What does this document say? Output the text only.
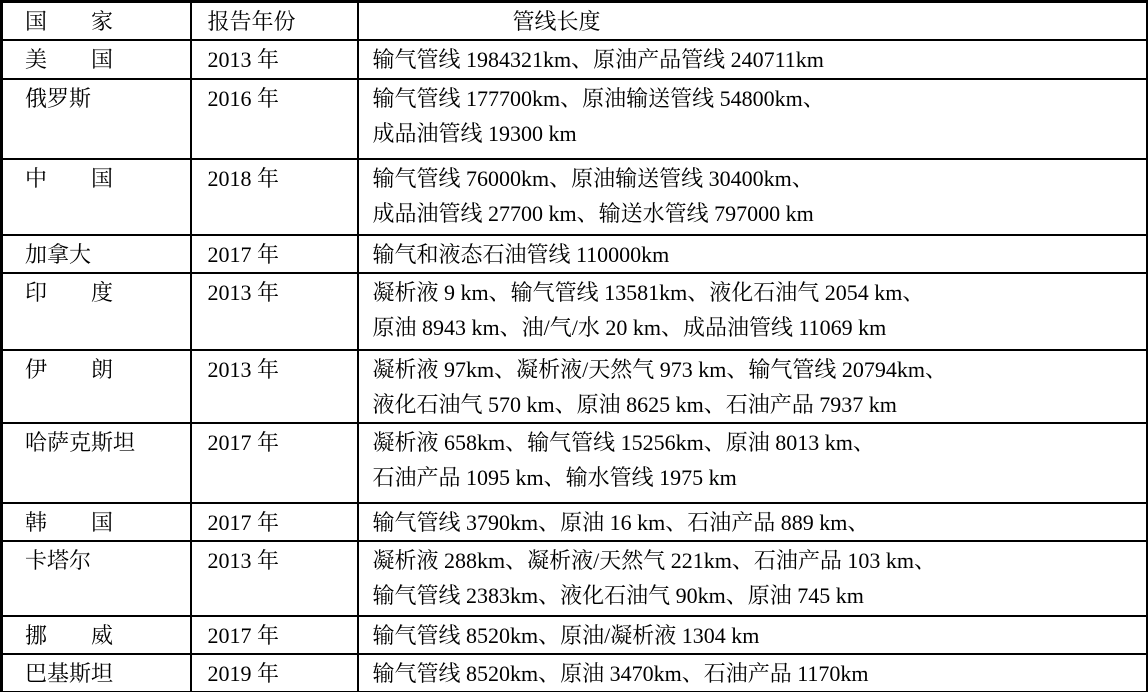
国　　家	报告年份	管线长度
美　　国	2013 年	输气管线 1984321km、原油产品管线 240711km

俄罗斯	2016 年	输气管线 177700km、原油输送管线 54800km、
成品油管线 19300 km

中　　国	2018 年	输气管线 76000km、原油输送管线 30400km、
成品油管线 27700 km、输送水管线 797000 km

加拿大	2017 年	输气和液态石油管线 110000km

印　　度	2013 年	凝析液 9 km、输气管线 13581km、液化石油气 2054 km、
原油 8943 km、油/气/水 20 km、成品油管线 11069 km

伊　　朗	2013 年	凝析液 97km、凝析液/天然气 973 km、输气管线 20794km、
液化石油气 570 km、原油 8625 km、石油产品 7937 km

哈萨克斯坦	2017 年	凝析液 658km、输气管线 15256km、原油 8013 km、
石油产品 1095 km、输水管线 1975 km

韩　　国	2017 年	输气管线 3790km、原油 16 km、石油产品 889 km、

卡塔尔	2013 年	凝析液 288km、凝析液/天然气 221km、石油产品 103 km、
输气管线 2383km、液化石油气 90km、原油 745 km

挪　　威	2017 年	输气管线 8520km、原油/凝析液 1304 km

巴基斯坦	2019 年	输气管线 8520km、原油 3470km、石油产品 1170km
